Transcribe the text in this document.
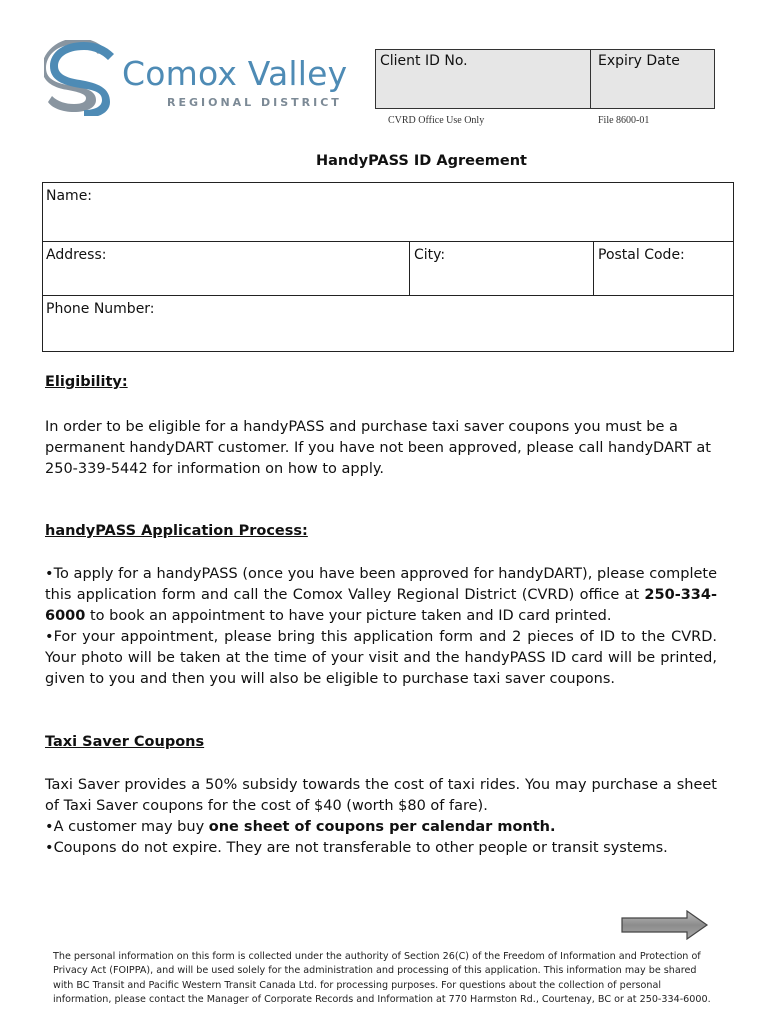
Comox Valley
REGIONAL DISTRICT
Client ID No.	Expiry Date
CVRD Office Use Only	File 8600-01
HandyPASS ID Agreement
Name:
Address:	City:	Postal Code:
Phone Number:
Eligibility:
In order to be eligible for a handyPASS and purchase taxi saver coupons you must be a
permanent handyDART customer. If you have not been approved, please call handyDART at
250-339-5442 for information on how to apply.
handyPASS Application Process:
•To apply for a handyPASS (once you have been approved for handyDART), please complete this application form and call the Comox Valley Regional District (CVRD) office at 250-334-6000 to book an appointment to have your picture taken and ID card printed.
•For your appointment, please bring this application form and 2 pieces of ID to the CVRD. Your photo will be taken at the time of your visit and the handyPASS ID card will be printed, given to you and then you will also be eligible to purchase taxi saver coupons.
Taxi Saver Coupons
Taxi Saver provides a 50% subsidy towards the cost of taxi rides. You may purchase a sheet of Taxi Saver coupons for the cost of $40 (worth $80 of fare).
•A customer may buy one sheet of coupons per calendar month.
•Coupons do not expire. They are not transferable to other people or transit systems.
The personal information on this form is collected under the authority of Section 26(C) of the Freedom of Information and Protection of Privacy Act (FOIPPA), and will be used solely for the administration and processing of this application. This information may be shared with BC Transit and Pacific Western Transit Canada Ltd. for processing purposes. For questions about the collection of personal information, please contact the Manager of Corporate Records and Information at 770 Harmston Rd., Courtenay, BC or at 250-334-6000.
